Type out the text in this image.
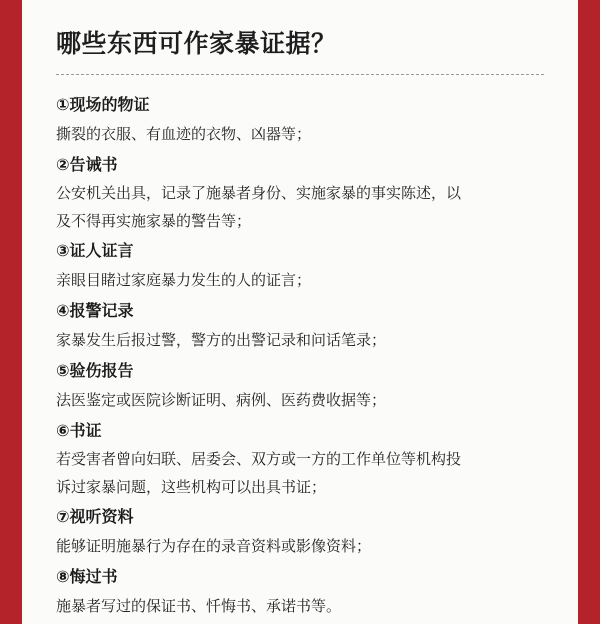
哪些东西可作家暴证据？
①现场的物证
撕裂的衣服、有血迹的衣物、凶器等；
②告诫书
公安机关出具，记录了施暴者身份、实施家暴的事实陈述，以
及不得再实施家暴的警告等；
③证人证言
亲眼目睹过家庭暴力发生的人的证言；
④报警记录
家暴发生后报过警，警方的出警记录和问话笔录；
⑤验伤报告
法医鉴定或医院诊断证明、病例、医药费收据等；
⑥书证
若受害者曾向妇联、居委会、双方或一方的工作单位等机构投
诉过家暴问题，这些机构可以出具书证；
⑦视听资料
能够证明施暴行为存在的录音资料或影像资料；
⑧悔过书
施暴者写过的保证书、忏悔书、承诺书等。
